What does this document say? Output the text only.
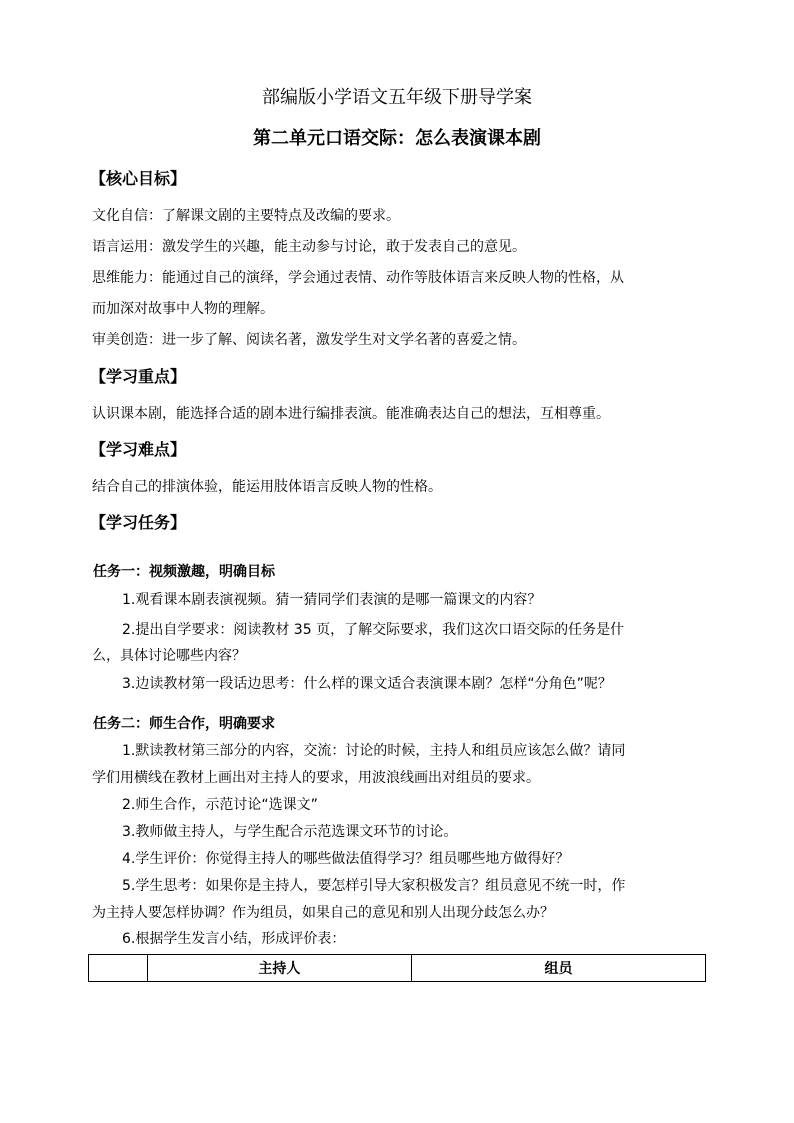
部编版小学语文五年级下册导学案
第二单元口语交际：怎么表演课本剧
【核心目标】
文化自信：了解课文剧的主要特点及改编的要求。
语言运用：激发学生的兴趣，能主动参与讨论，敢于发表自己的意见。
思维能力：能通过自己的演绎，学会通过表情、动作等肢体语言来反映人物的性格，从
而加深对故事中人物的理解。
审美创造：进一步了解、阅读名著，激发学生对文学名著的喜爱之情。
【学习重点】
认识课本剧，能选择合适的剧本进行编排表演。能准确表达自己的想法，互相尊重。
【学习难点】
结合自己的排演体验，能运用肢体语言反映人物的性格。
【学习任务】
任务一：视频激趣，明确目标
1.观看课本剧表演视频。猜一猜同学们表演的是哪一篇课文的内容？
2.提出自学要求：阅读教材 35 页，了解交际要求，我们这次口语交际的任务是什
么，具体讨论哪些内容？
3.边读教材第一段话边思考：什么样的课文适合表演课本剧？怎样“分角色”呢？
任务二：师生合作，明确要求
1.默读教材第三部分的内容，交流：讨论的时候，主持人和组员应该怎么做？请同
学们用横线在教材上画出对主持人的要求，用波浪线画出对组员的要求。
2.师生合作，示范讨论“选课文”
3.教师做主持人，与学生配合示范选课文环节的讨论。
4.学生评价：你觉得主持人的哪些做法值得学习？组员哪些地方做得好？
5.学生思考：如果你是主持人，要怎样引导大家积极发言？组员意见不统一时，作
为主持人要怎样协调？作为组员，如果自己的意见和别人出现分歧怎么办？
6.根据学生发言小结，形成评价表：
	主持人	组员
